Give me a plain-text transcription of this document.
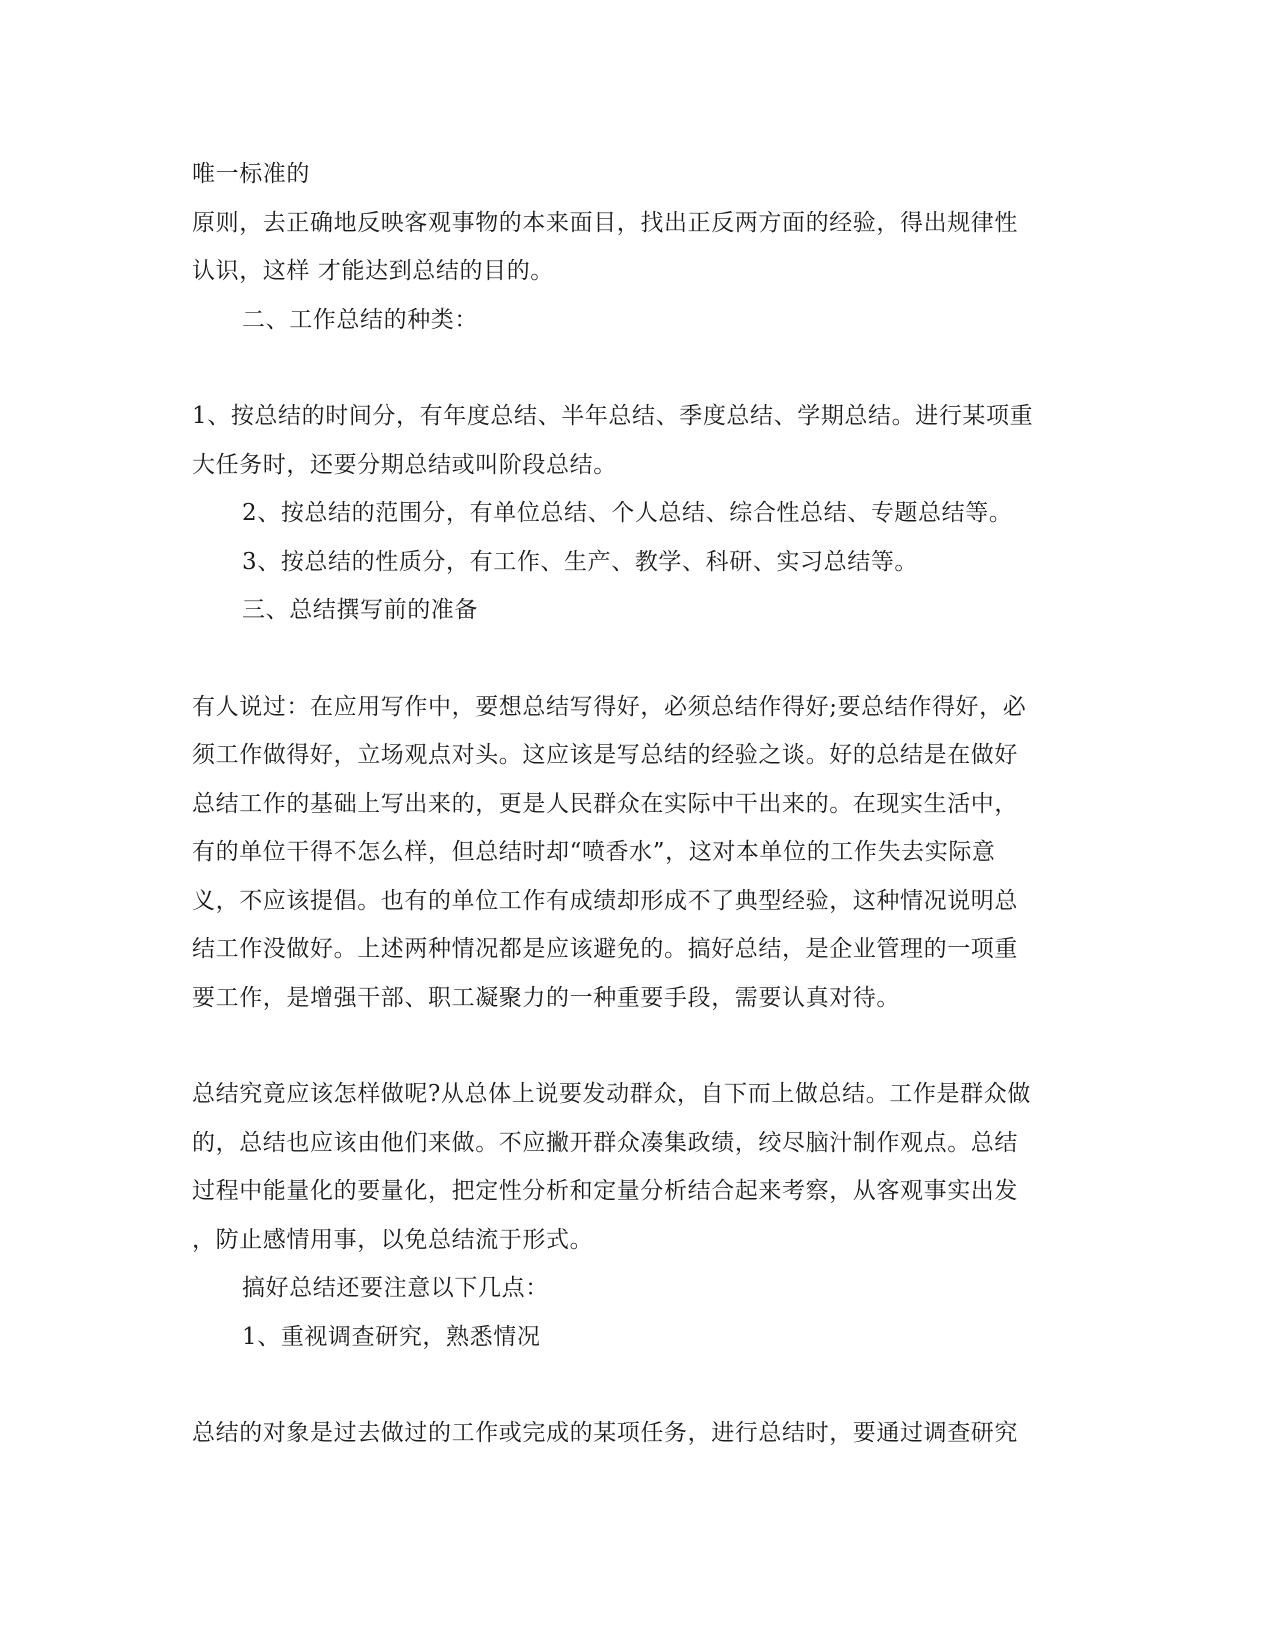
唯一标准的

原则，去正确地反映客观事物的本来面目，找出正反两方面的经验，得出规律性
认识，这样 才能达到总结的目的。

二、工作总结的种类：

1、按总结的时间分，有年度总结、半年总结、季度总结、学期总结。进行某项重
大任务时，还要分期总结或叫阶段总结。

2、按总结的范围分，有单位总结、个人总结、综合性总结、专题总结等。

3、按总结的性质分，有工作、生产、教学、科研、实习总结等。

三、总结撰写前的准备

有人说过：在应用写作中，要想总结写得好，必须总结作得好;要总结作得好，必
须工作做得好，立场观点对头。这应该是写总结的经验之谈。好的总结是在做好
总结工作的基础上写出来的，更是人民群众在实际中干出来的。在现实生活中，
有的单位干得不怎么样，但总结时却“喷香水”，这对本单位的工作失去实际意
义，不应该提倡。也有的单位工作有成绩却形成不了典型经验，这种情况说明总
结工作没做好。上述两种情况都是应该避免的。搞好总结，是企业管理的一项重
要工作，是增强干部、职工凝聚力的一种重要手段，需要认真对待。

总结究竟应该怎样做呢?从总体上说要发动群众，自下而上做总结。工作是群众做
的，总结也应该由他们来做。不应撇开群众凑集政绩，绞尽脑汁制作观点。总结
过程中能量化的要量化，把定性分析和定量分析结合起来考察，从客观事实出发
，防止感情用事，以免总结流于形式。

搞好总结还要注意以下几点：

1、重视调查研究，熟悉情况

总结的对象是过去做过的工作或完成的某项任务，进行总结时，要通过调查研究
